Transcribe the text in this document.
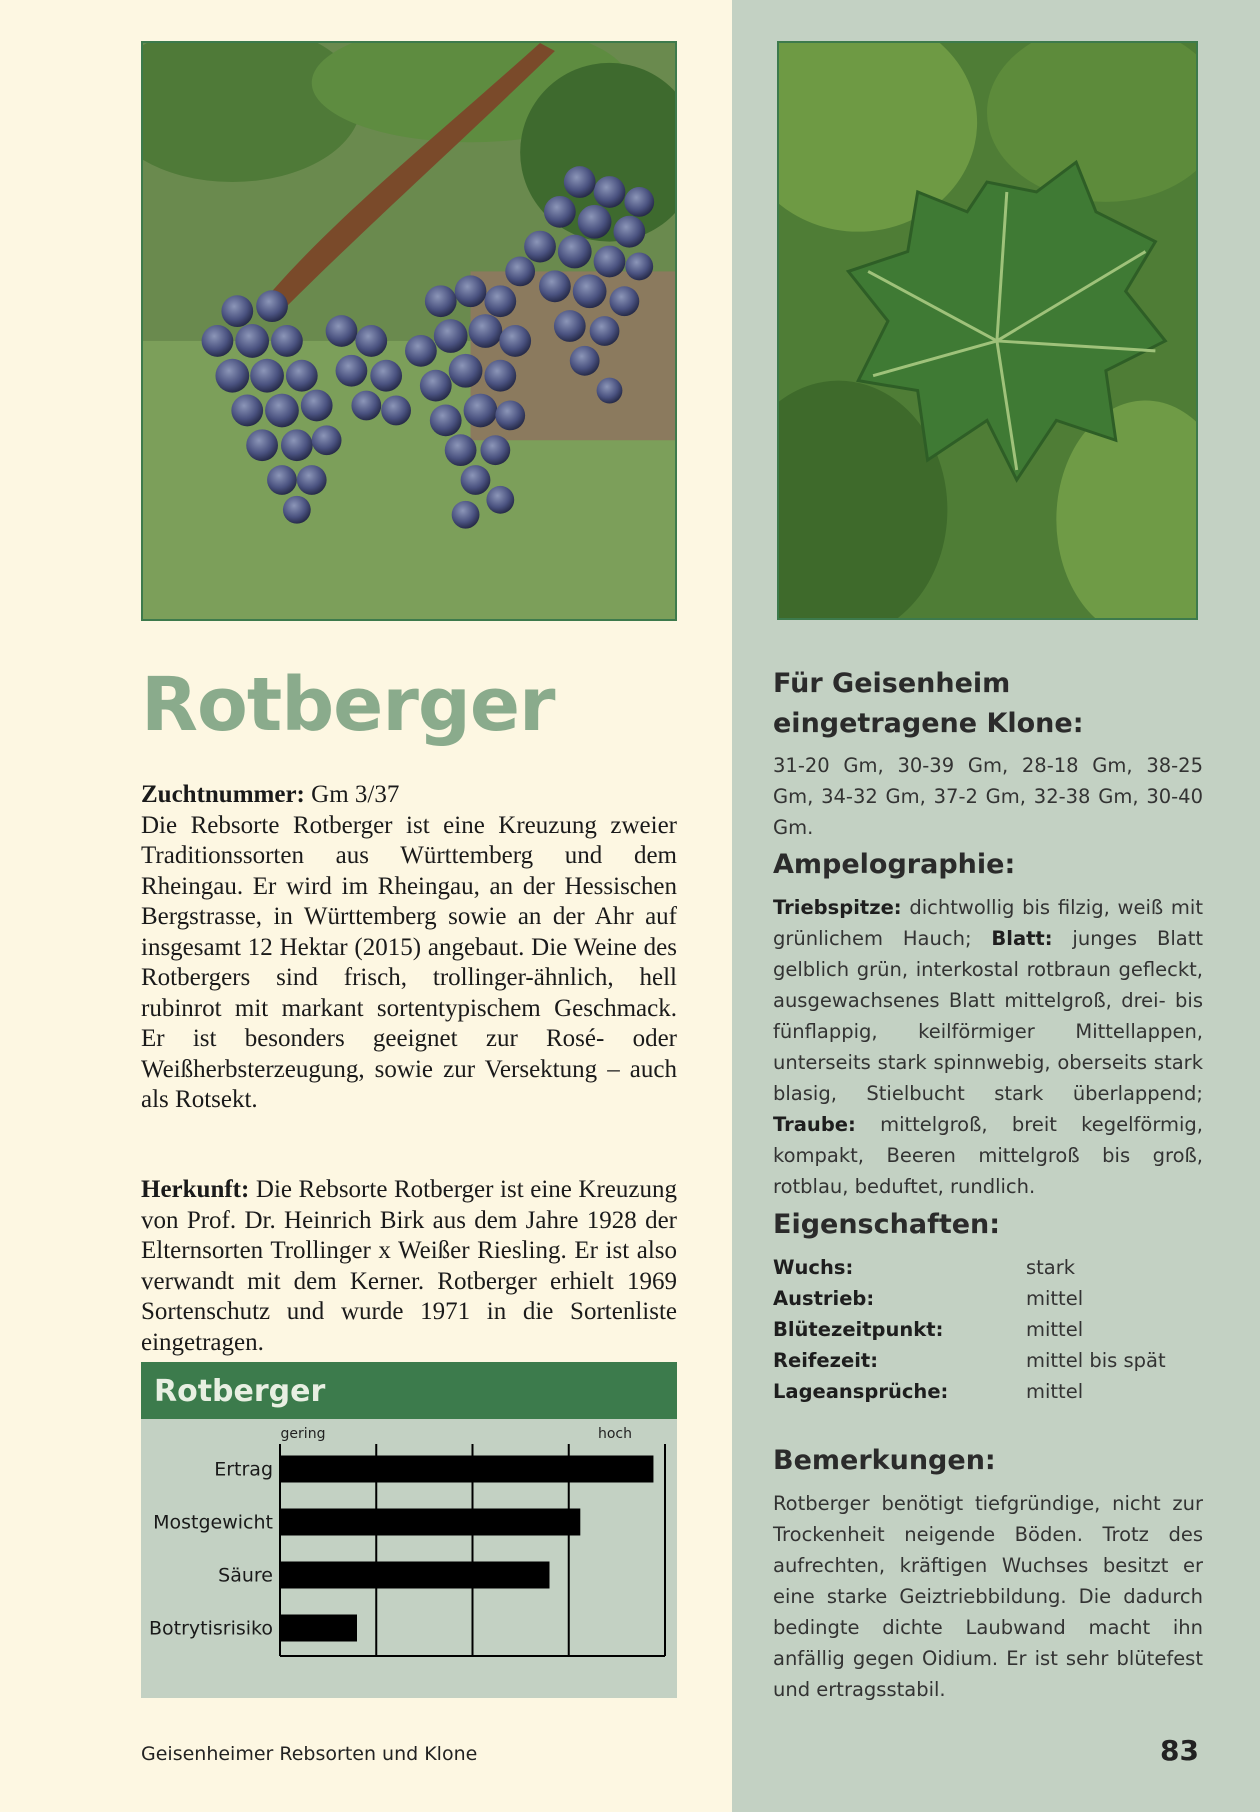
Rotberger
Zuchtnummer: Gm 3/37

Die Rebsorte Rotberger ist eine Kreuzung zweier Traditionssorten aus Württemberg und dem Rheingau. Er wird im Rheingau, an der Hessischen Bergstrasse, in Württemberg sowie an der Ahr auf insgesamt 12 Hektar (2015) angebaut. Die Weine des Rotbergers sind frisch, trollinger-ähnlich, hell rubinrot mit markant sortentypischem Geschmack. Er ist besonders geeignet zur Rosé- oder Weißherbsterzeugung, sowie zur Versektung – auch als Rotsekt.

Herkunft: Die Rebsorte Rotberger ist eine Kreuzung von Prof. Dr. Heinrich Birk aus dem Jahre 1928 der Elternsorten Trollinger x Weißer Riesling. Er ist also verwandt mit dem Kerner. Rotberger erhielt 1969 Sortenschutz und wurde 1971 in die Sortenliste eingetragen.

Rotberger
gering	hoch
Ertrag
Mostgewicht
Säure
Botrytisrisiko
Für Geisenheim
eingetragene Klone:
31-20 Gm, 30-39 Gm, 28-18 Gm, 38-25 Gm, 34-32 Gm, 37-2 Gm, 32-38 Gm, 30-40 Gm.
Ampelographie:
Triebspitze: dichtwollig bis filzig, weiß mit grünlichem Hauch; Blatt: junges Blatt gelblich grün, interkostal rotbraun gefleckt, ausgewachsenes Blatt mittelgroß, drei- bis fünflappig, keilförmiger Mittellappen, unterseits stark spinnwebig, oberseits stark blasig, Stielbucht stark überlappend; Traube: mittelgroß, breit kegelförmig, kompakt, Beeren mittelgroß bis groß, rotblau, beduftet, rundlich.
Eigenschaften:
Wuchs:	stark
Austrieb:	mittel
Blütezeitpunkt:	mittel
Reifezeit:	mittel bis spät
Lageansprüche:	mittel
Bemerkungen:
Rotberger benötigt tiefgründige, nicht zur Trockenheit neigende Böden. Trotz des aufrechten, kräftigen Wuchses besitzt er eine starke Geiztriebbildung. Die dadurch bedingte dichte Laubwand macht ihn anfällig gegen Oidium. Er ist sehr blütefest und ertragsstabil.
Geisenheimer Rebsorten und Klone	83
